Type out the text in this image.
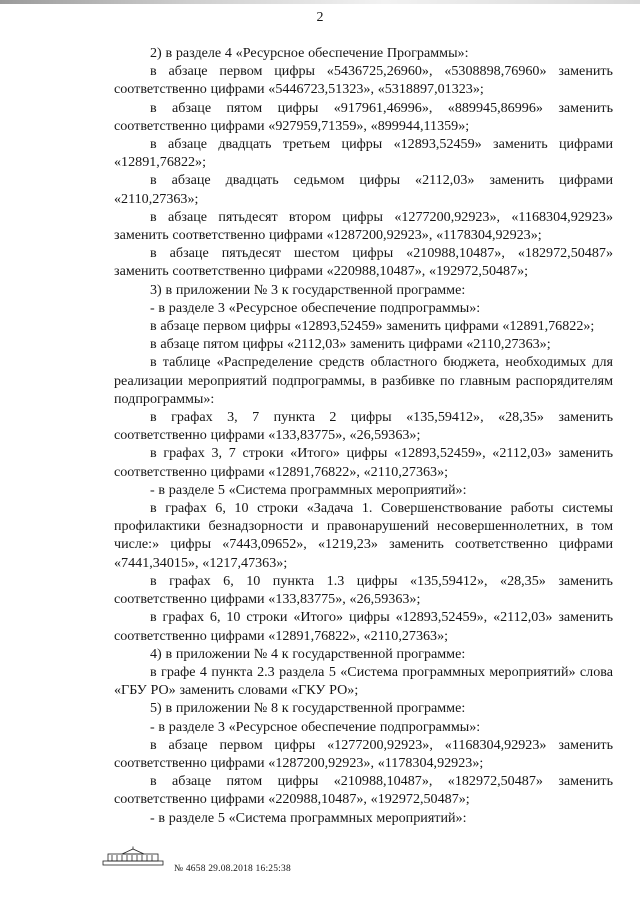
2

2) в разделе 4 «Ресурсное обеспечение Программы»:

в абзаце первом цифры «5436725,26960», «5308898,76960» заменить соответственно цифрами «5446723,51323», «5318897,01323»;

в абзаце пятом цифры «917961,46996», «889945,86996» заменить соответственно цифрами «927959,71359», «899944,11359»;

в абзаце двадцать третьем цифры «12893,52459» заменить цифрами «12891,76822»;

в абзаце двадцать седьмом цифры «2112,03» заменить цифрами «2110,27363»;

в абзаце пятьдесят втором цифры «1277200,92923», «1168304,92923» заменить соответственно цифрами «1287200,92923», «1178304,92923»;

в абзаце пятьдесят шестом цифры «210988,10487», «182972,50487» заменить соответственно цифрами «220988,10487», «192972,50487»;

3) в приложении № 3 к государственной программе:

- в разделе 3 «Ресурсное обеспечение подпрограммы»:

в абзаце первом цифры «12893,52459» заменить цифрами «12891,76822»;

в абзаце пятом цифры «2112,03» заменить цифрами «2110,27363»;

в таблице «Распределение средств областного бюджета, необходимых для реализации мероприятий подпрограммы, в разбивке по главным распорядителям подпрограммы»:

в графах 3, 7 пункта 2 цифры «135,59412», «28,35» заменить соответственно цифрами «133,83775», «26,59363»;

в графах 3, 7 строки «Итого» цифры «12893,52459», «2112,03» заменить соответственно цифрами «12891,76822», «2110,27363»;

- в разделе 5 «Система программных мероприятий»:

в графах 6, 10 строки «Задача 1. Совершенствование работы системы профилактики безнадзорности и правонарушений несовершеннолетних, в том числе:» цифры «7443,09652», «1219,23» заменить соответственно цифрами «7441,34015», «1217,47363»;

в графах 6, 10 пункта 1.3 цифры «135,59412», «28,35» заменить соответственно цифрами «133,83775», «26,59363»;

в графах 6, 10 строки «Итого» цифры «12893,52459», «2112,03» заменить соответственно цифрами «12891,76822», «2110,27363»;

4) в приложении № 4 к государственной программе:

в графе 4 пункта 2.3 раздела 5 «Система программных мероприятий» слова «ГБУ РО» заменить словами «ГКУ РО»;

5) в приложении № 8 к государственной программе:

- в разделе 3 «Ресурсное обеспечение подпрограммы»:

в абзаце первом цифры «1277200,92923», «1168304,92923» заменить соответственно цифрами «1287200,92923», «1178304,92923»;

в абзаце пятом цифры «210988,10487», «182972,50487» заменить соответственно цифрами «220988,10487», «192972,50487»;

- в разделе 5 «Система программных мероприятий»:

№ 4658 29.08.2018 16:25:38
